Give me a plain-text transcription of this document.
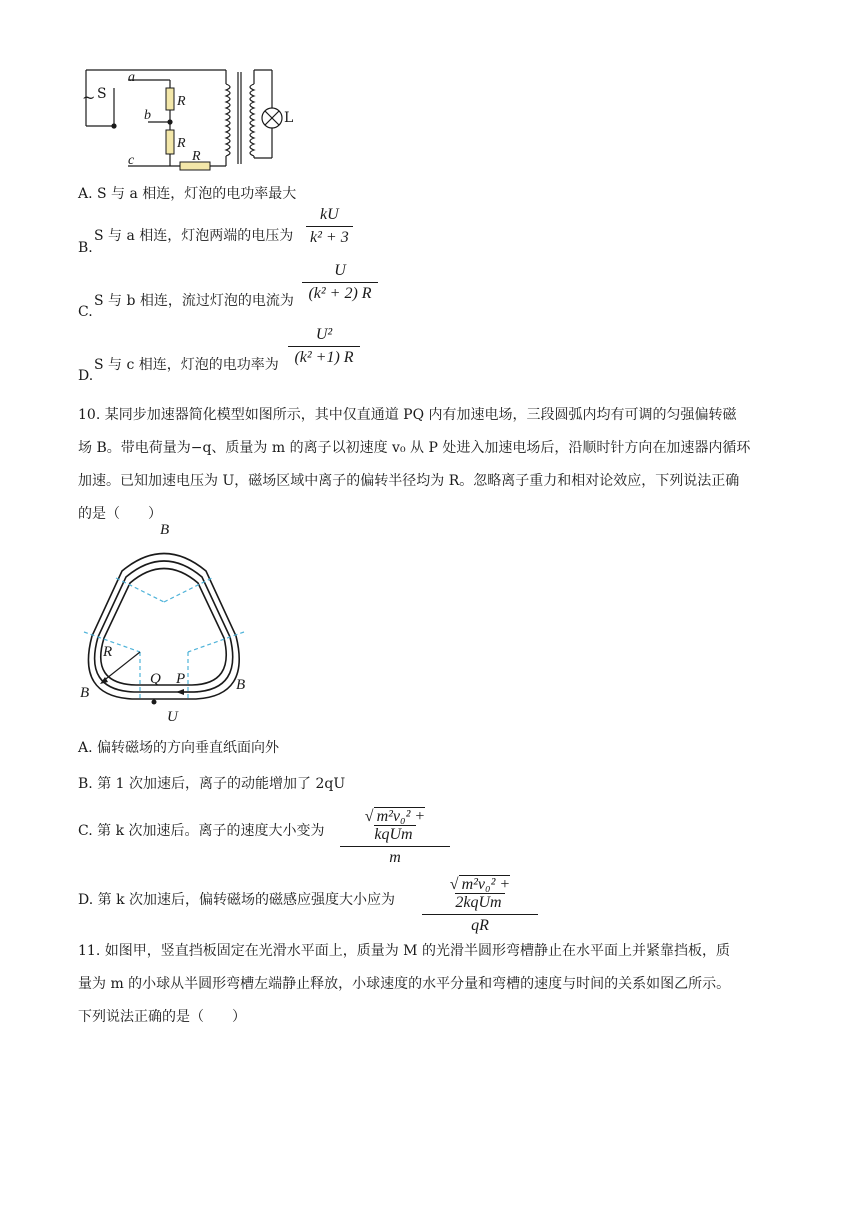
a
b
c
~ S	R
R
R
L
A. S 与 a 相连，灯泡的电功率最大
B.
S 与 a 相连，灯泡两端的电压为
kU
k² + 3
C.
S 与 b 相连，流过灯泡的电流为
U
(k² + 2) R
D.
S 与 c 相连，灯泡的电功率为
U²
(k² +1) R
10. 某同步加速器简化模型如图所示，其中仅直通道 PQ 内有加速电场，三段圆弧内均有可调的匀强偏转磁
场 B。带电荷量为−q、质量为 m 的离子以初速度 v₀ 从 P 处进入加速电场后，沿顺时针方向在加速器内循环
加速。已知加速电压为 U，磁场区域中离子的偏转半径均为 R。忽略离子重力和相对论效应，下列说法正确
的是（　　）
B
B	B
R
Q P
U
A. 偏转磁场的方向垂直纸面向外
B. 第 1 次加速后，离子的动能增加了 2qU
C. 第 k 次加速后。离子的速度大小变为
√ m²v₀² + kqUm
m
D. 第 k 次加速后，偏转磁场的磁感应强度大小应为
√ m²v₀² + 2kqUm
qR
11. 如图甲，竖直挡板固定在光滑水平面上，质量为 M 的光滑半圆形弯槽静止在水平面上并紧靠挡板，质
量为 m 的小球从半圆形弯槽左端静止释放，小球速度的水平分量和弯槽的速度与时间的关系如图乙所示。
下列说法正确的是（　　）
